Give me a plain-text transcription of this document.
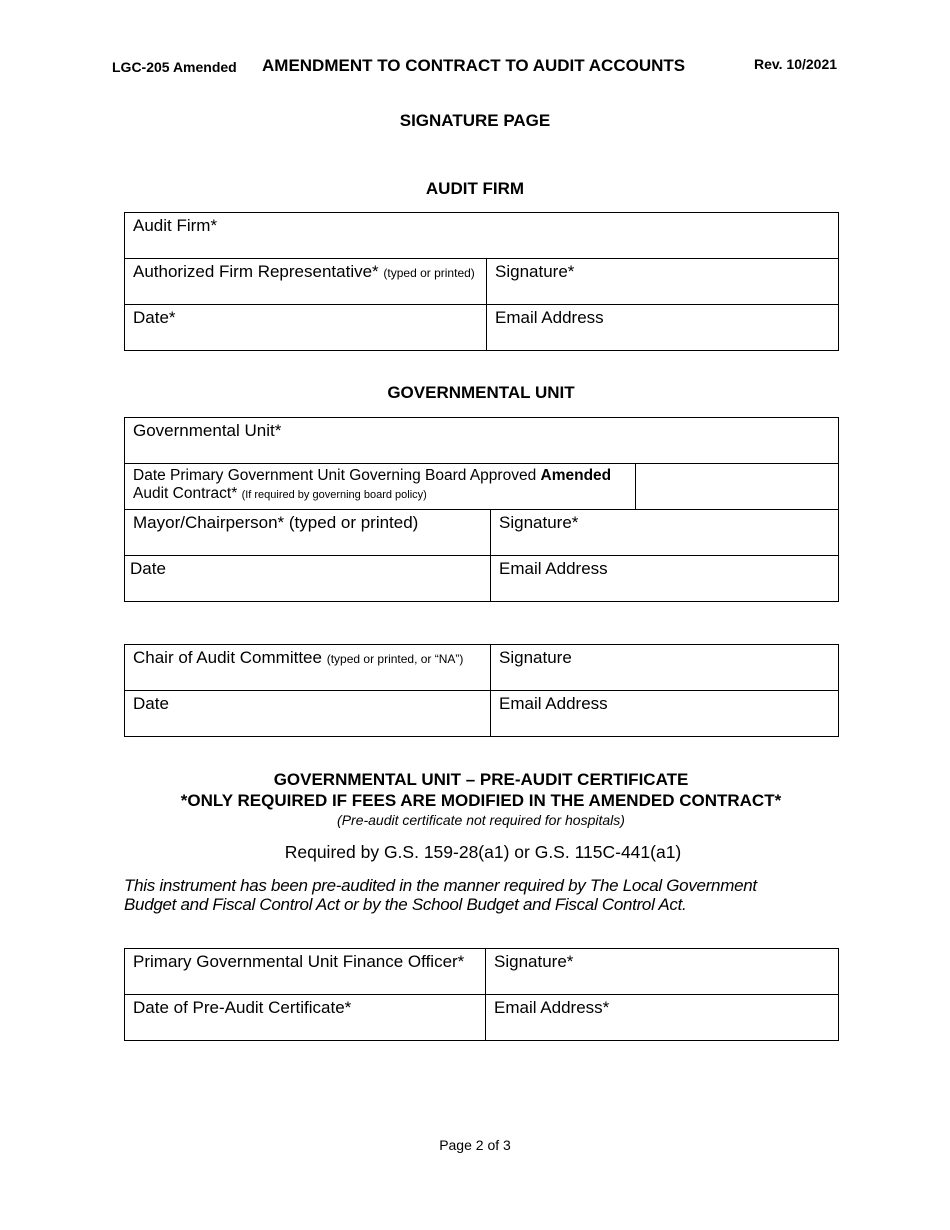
LGC-205 Amended AMENDMENT TO CONTRACT TO AUDIT ACCOUNTS	Rev. 10/2021
SIGNATURE PAGE
AUDIT FIRM
Audit Firm*	
Authorized Firm Representative* (typed or printed)	Signature*
Date*	Email Address
GOVERNMENTAL UNIT
Governmental Unit*		
Date Primary Government Unit Governing Board Approved Amended
Audit Contract* (If required by governing board policy)		
Mayor/Chairperson* (typed or printed)	Signature*	
Date	Email Address	
Chair of Audit Committee (typed or printed, or “NA”)	Signature
Date	Email Address
GOVERNMENTAL UNIT – PRE-AUDIT CERTIFICATE
*ONLY REQUIRED IF FEES ARE MODIFIED IN THE AMENDED CONTRACT*
(Pre-audit certificate not required for hospitals)
Required by G.S. 159-28(a1) or G.S. 115C-441(a1)
This instrument has been pre-audited in the manner required by The Local Government
Budget and Fiscal Control Act or by the School Budget and Fiscal Control Act.
Primary Governmental Unit Finance Officer*	Signature*
Date of Pre-Audit Certificate*	Email Address*
Page 2 of 3
